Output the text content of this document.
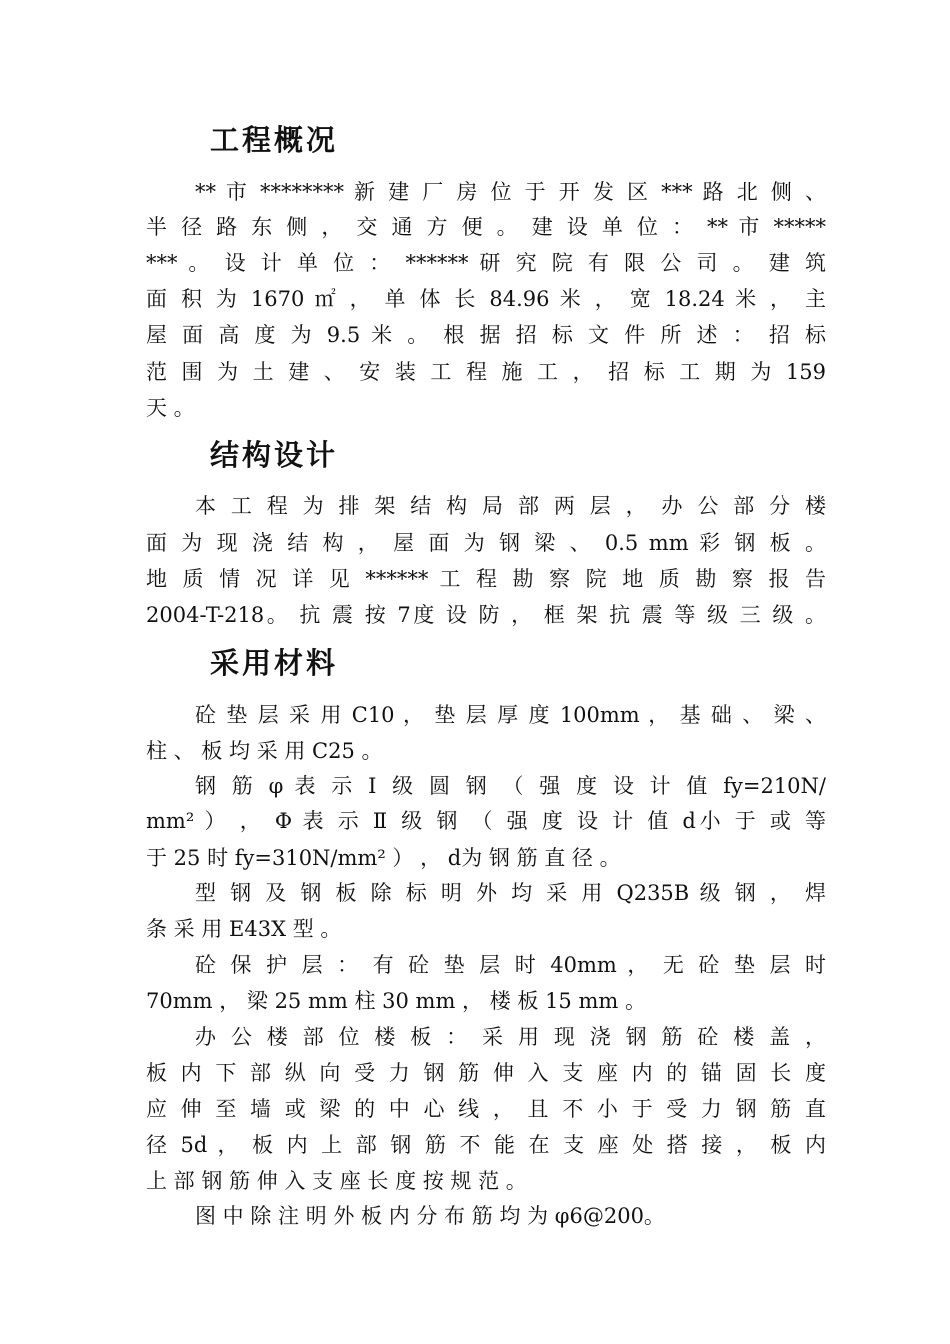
工程概况
** 市 ******** 新 建 厂 房 位 于 开 发 区 *** 路 北 侧 、
半 径 路 东 侧 ， 交 通 方 便 。 建 设 单 位 ： ** 市 *****
*** 。 设 计 单 位 ： ****** 研 究 院 有 限 公 司 。 建 筑
面 积 为 1670 ㎡ ， 单 体 长 84.96 米 ， 宽 18.24 米 ， 主
屋 面 高 度 为 9.5 米 。 根 据 招 标 文 件 所 述 ： 招 标
范 围 为 土 建 、 安 装 工 程 施 工 ， 招 标 工 期 为 159
天 。
结构设计
本 工 程 为 排 架 结 构 局 部 两 层 ， 办 公 部 分 楼
面 为 现 浇 结 构 ， 屋 面 为 钢 梁 、 0.5 mm 彩 钢 板 。
地 质 情 况 详 见 ****** 工 程 勘 察 院 地 质 勘 察 报 告
2004-T-218。 抗 震 按 7度 设 防 ， 框 架 抗 震 等 级 三 级 。
采用材料
砼 垫 层 采 用 C10 ， 垫 层 厚 度 100mm ， 基 础 、 梁 、
柱 、 板 均 采 用 C25 。
钢 筋 φ 表 示 Ⅰ 级 圆 钢 （ 强 度 设 计 值 fy=210N/
mm² ） ， Φ 表 示 Ⅱ 级 钢 （ 强 度 设 计 值 d小 于 或 等
于 25 时 fy=310N/mm² ） ， d为 钢 筋 直 径 。
型 钢 及 钢 板 除 标 明 外 均 采 用 Q235B 级 钢 ， 焊
条 采 用 E43X 型 。
砼 保 护 层 ： 有 砼 垫 层 时 40mm ， 无 砼 垫 层 时
70mm ， 梁 25 mm 柱 30 mm ， 楼 板 15 mm 。
办 公 楼 部 位 楼 板 ： 采 用 现 浇 钢 筋 砼 楼 盖 ，
板 内 下 部 纵 向 受 力 钢 筋 伸 入 支 座 内 的 锚 固 长 度
应 伸 至 墙 或 梁 的 中 心 线 ， 且 不 小 于 受 力 钢 筋 直
径 5d ， 板 内 上 部 钢 筋 不 能 在 支 座 处 搭 接 ， 板 内
上 部 钢 筋 伸 入 支 座 长 度 按 规 范 。
图 中 除 注 明 外 板 内 分 布 筋 均 为 φ6@200。
